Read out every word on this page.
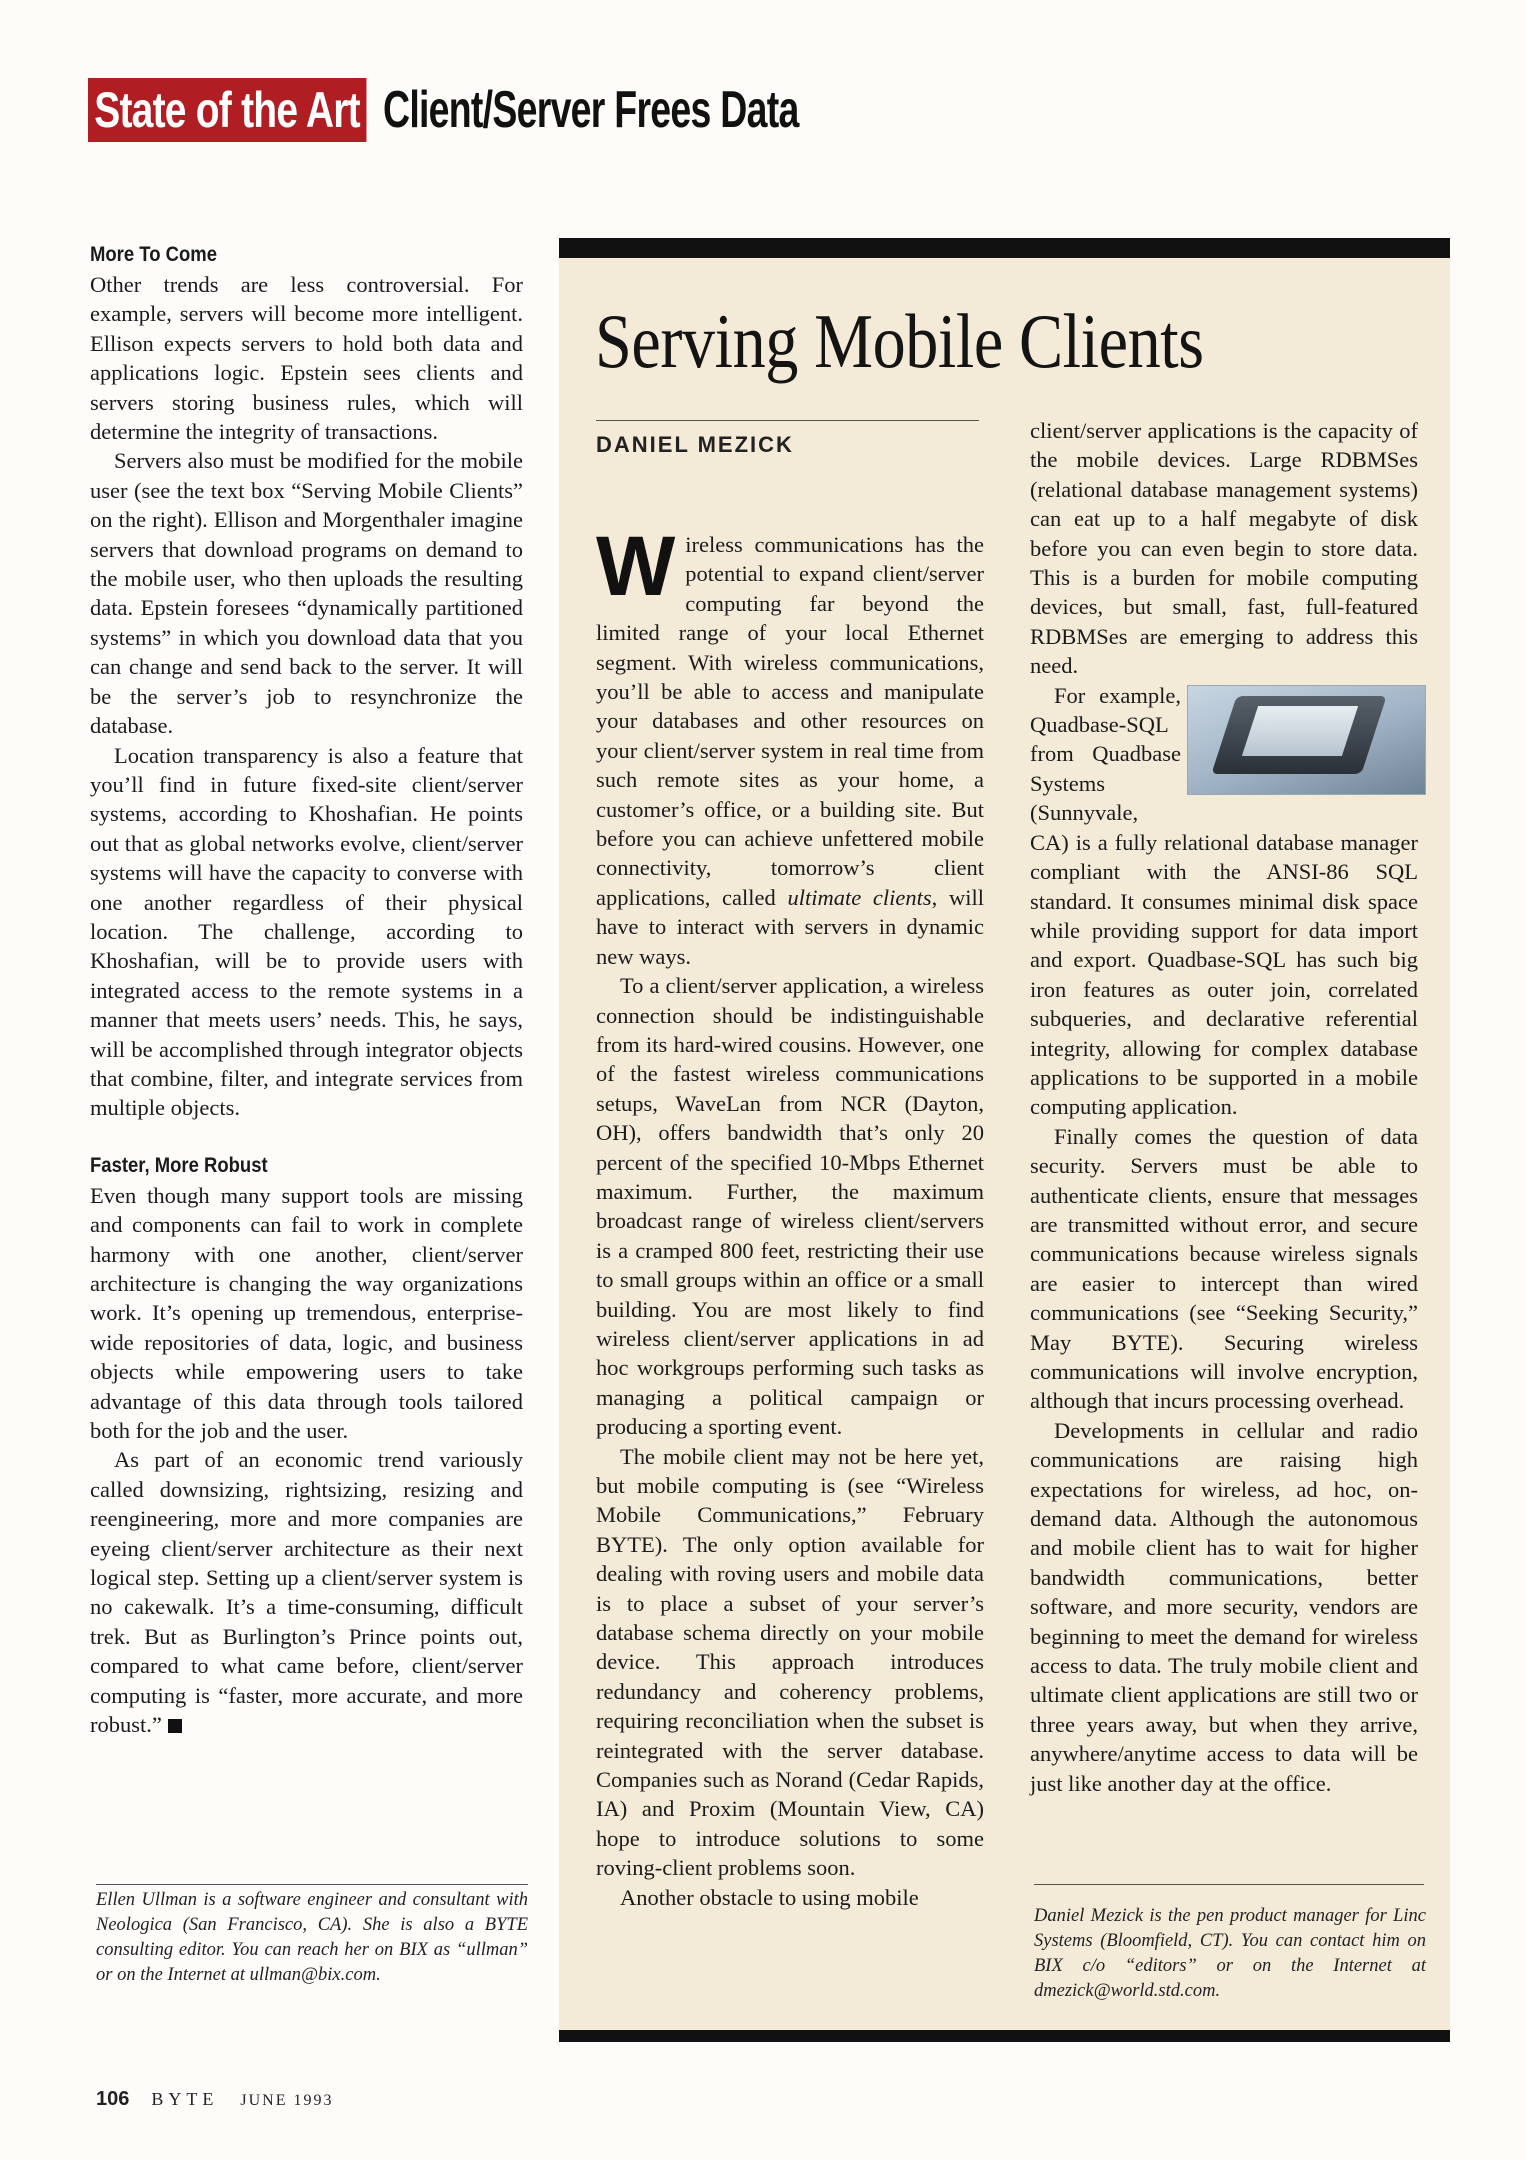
State of the Art Client/Server Frees Data
More To Come

Other trends are less controversial. For example, servers will become more intelligent. Ellison expects servers to hold both data and applications logic. Epstein sees clients and servers storing business rules, which will determine the integrity of transactions.

Servers also must be modified for the mobile user (see the text box “Serving Mobile Clients” on the right). Ellison and Morgenthaler imagine servers that download programs on demand to the mobile user, who then uploads the resulting data. Epstein foresees “dynamically partitioned systems” in which you download data that you can change and send back to the server. It will be the server’s job to resynchronize the database.

Location transparency is also a feature that you’ll find in future fixed-site client/server systems, according to Khoshafian. He points out that as global networks evolve, client/server systems will have the capacity to converse with one another regardless of their physical location. The challenge, according to Khoshafian, will be to provide users with integrated access to the remote systems in a manner that meets users’ needs. This, he says, will be accomplished through integrator objects that combine, filter, and integrate services from multiple objects.

Faster, More Robust

Even though many support tools are missing and components can fail to work in complete harmony with one another, client/server architecture is changing the way organizations work. It’s opening up tremendous, enterprise-wide repositories of data, logic, and business objects while empowering users to take advantage of this data through tools tailored both for the job and the user.

As part of an economic trend variously called downsizing, rightsizing, resizing and reengineering, more and more companies are eyeing client/server architecture as their next logical step. Setting up a client/server system is no cakewalk. It’s a time-consuming, difficult trek. But as Burlington’s Prince points out, compared to what came before, client/server computing is “faster, more accurate, and more robust.”

Ellen Ullman is a software engineer and consultant with Neologica (San Francisco, CA). She is also a BYTE consulting editor. You can reach her on BIX as “ullman” or on the Internet at ullman@bix.com.
Serving Mobile Clients
DANIEL MEZICK

Wireless communications has the potential to expand client/server computing far beyond the limited range of your local Ethernet segment. With wireless communications, you’ll be able to access and manipulate your databases and other resources on your client/server system in real time from such remote sites as your home, a customer’s office, or a building site. But before you can achieve unfettered mobile connectivity, tomorrow’s client applications, called ultimate clients, will have to interact with servers in dynamic new ways.

To a client/server application, a wireless connection should be indistinguishable from its hard-wired cousins. However, one of the fastest wireless communications setups, WaveLan from NCR (Dayton, OH), offers bandwidth that’s only 20 percent of the specified 10-Mbps Ethernet maximum. Further, the maximum broadcast range of wireless client/servers is a cramped 800 feet, restricting their use to small groups within an office or a small building. You are most likely to find wireless client/server applications in ad hoc workgroups performing such tasks as managing a political campaign or producing a sporting event.

The mobile client may not be here yet, but mobile computing is (see “Wireless Mobile Communications,” February BYTE). The only option available for dealing with roving users and mobile data is to place a subset of your server’s database schema directly on your mobile device. This approach introduces redundancy and coherency problems, requiring reconciliation when the subset is reintegrated with the server database. Companies such as Norand (Cedar Rapids, IA) and Proxim (Mountain View, CA) hope to introduce solutions to some roving-client problems soon.

Another obstacle to using mobile

client/server applications is the capacity of the mobile devices. Large RDBMSes (relational database management systems) can eat up to a half megabyte of disk before you can even begin to store data. This is a burden for mobile computing devices, but small, fast, full-featured RDBMSes are emerging to address this need.

For example, Quadbase-SQL from Quadbase Systems (Sunnyvale, CA) is a fully relational database manager compliant with the ANSI-86 SQL standard. It consumes minimal disk space while providing support for data import and export. Quadbase-SQL has such big iron features as outer join, correlated subqueries, and declarative referential integrity, allowing for complex database applications to be supported in a mobile computing application.

Finally comes the question of data security. Servers must be able to authenticate clients, ensure that messages are transmitted without error, and secure communications because wireless signals are easier to intercept than wired communications (see “Seeking Security,” May BYTE). Securing wireless communications will involve encryption, although that incurs processing overhead.

Developments in cellular and radio communications are raising high expectations for wireless, ad hoc, on-demand data. Although the autonomous and mobile client has to wait for higher bandwidth communications, better software, and more security, vendors are beginning to meet the demand for wireless access to data. The truly mobile client and ultimate client applications are still two or three years away, but when they arrive, anywhere/anytime access to data will be just like another day at the office.

Daniel Mezick is the pen product manager for Linc Systems (Bloomfield, CT). You can contact him on BIX c/o “editors” or on the Internet at dmezick@world.std.com.
106 BYTE JUNE 1993
